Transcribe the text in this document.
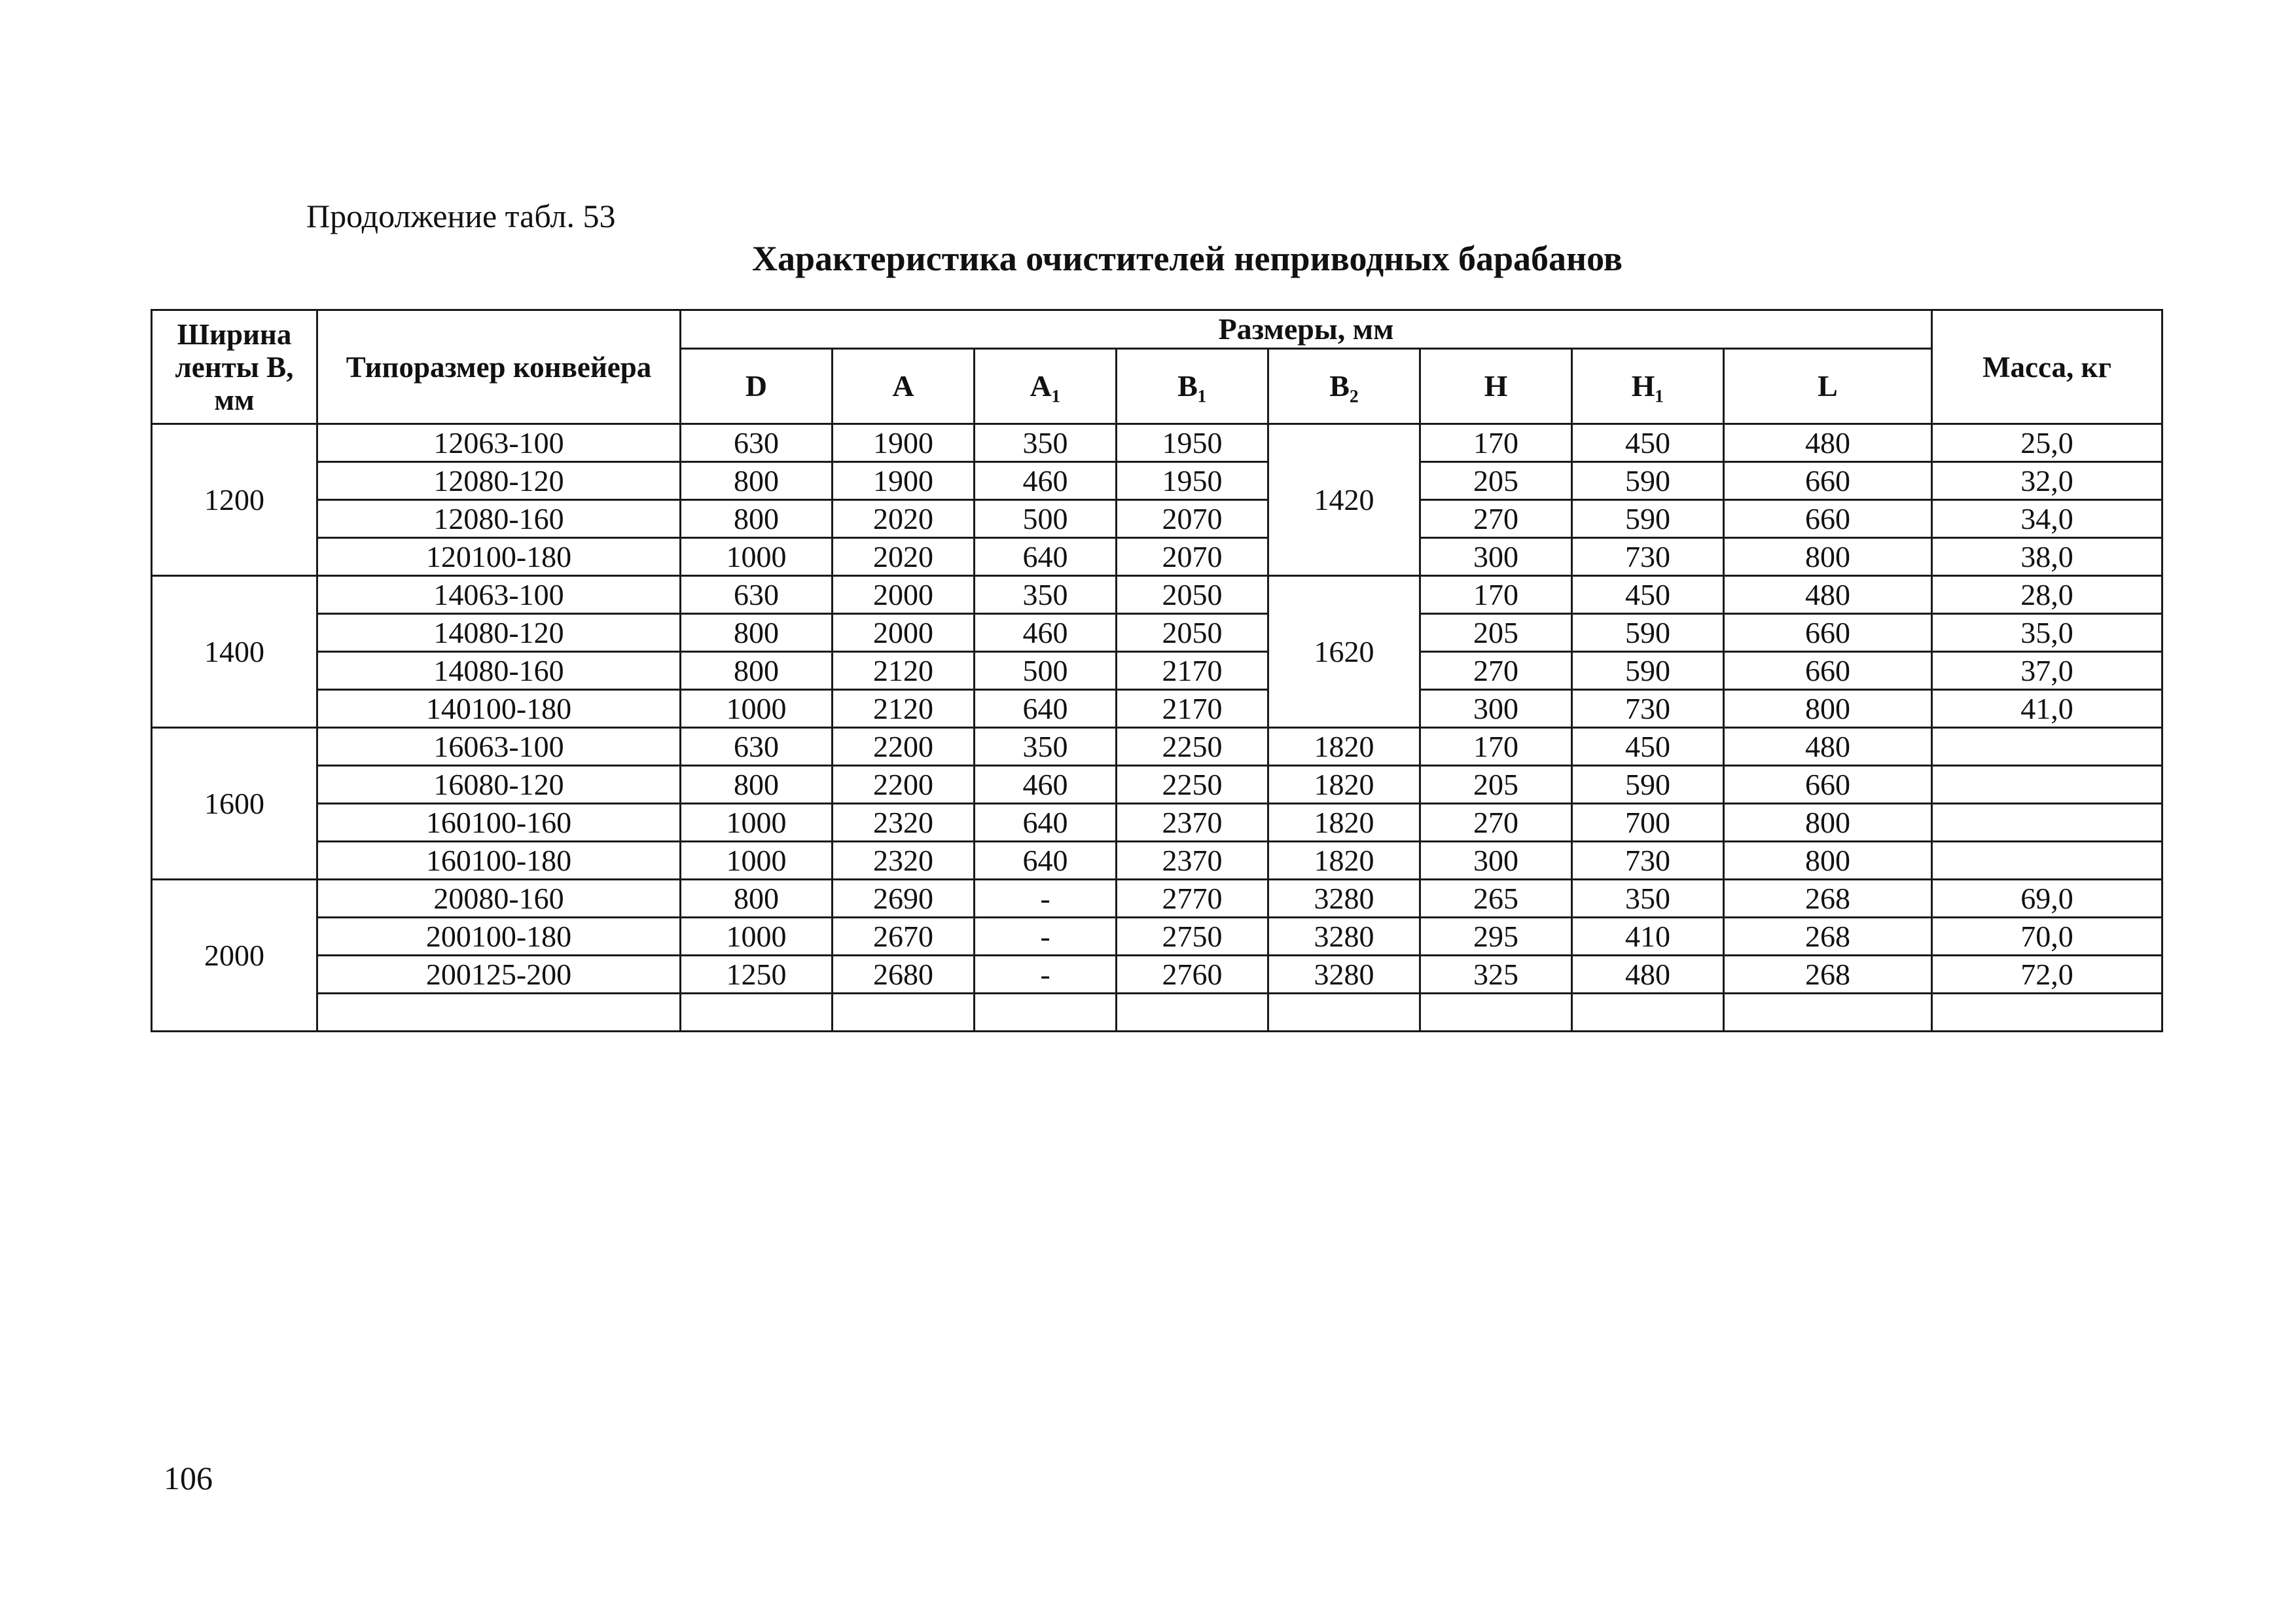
Продолжение табл. 53
Характеристика очистителей неприводных барабанов
Ширина ленты B, мм	Типоразмер конвейера	Размеры, мм								Масса, кг
		D	A	A₁	B₁	B₂	H	H₁	L	
1200	12063-100	630	1900	350	1950	1420	170	450	480	25,0
	12080-120	800	1900	460	1950		205	590	660	32,0
	12080-160	800	2020	500	2070		270	590	660	34,0
	120100-180	1000	2020	640	2070		300	730	800	38,0
1400	14063-100	630	2000	350	2050	1620	170	450	480	28,0
	14080-120	800	2000	460	2050		205	590	660	35,0
	14080-160	800	2120	500	2170		270	590	660	37,0
	140100-180	1000	2120	640	2170		300	730	800	41,0
1600	16063-100	630	2200	350	2250	1820	170	450	480	
	16080-120	800	2200	460	2250	1820	205	590	660	
	160100-160	1000	2320	640	2370	1820	270	700	800	
	160100-180	1000	2320	640	2370	1820	300	730	800	
2000	20080-160	800	2690	-	2770	3280	265	350	268	69,0
	200100-180	1000	2670	-	2750	3280	295	410	268	70,0
	200125-200	1250	2680	-	2760	3280	325	480	268	72,0

106
